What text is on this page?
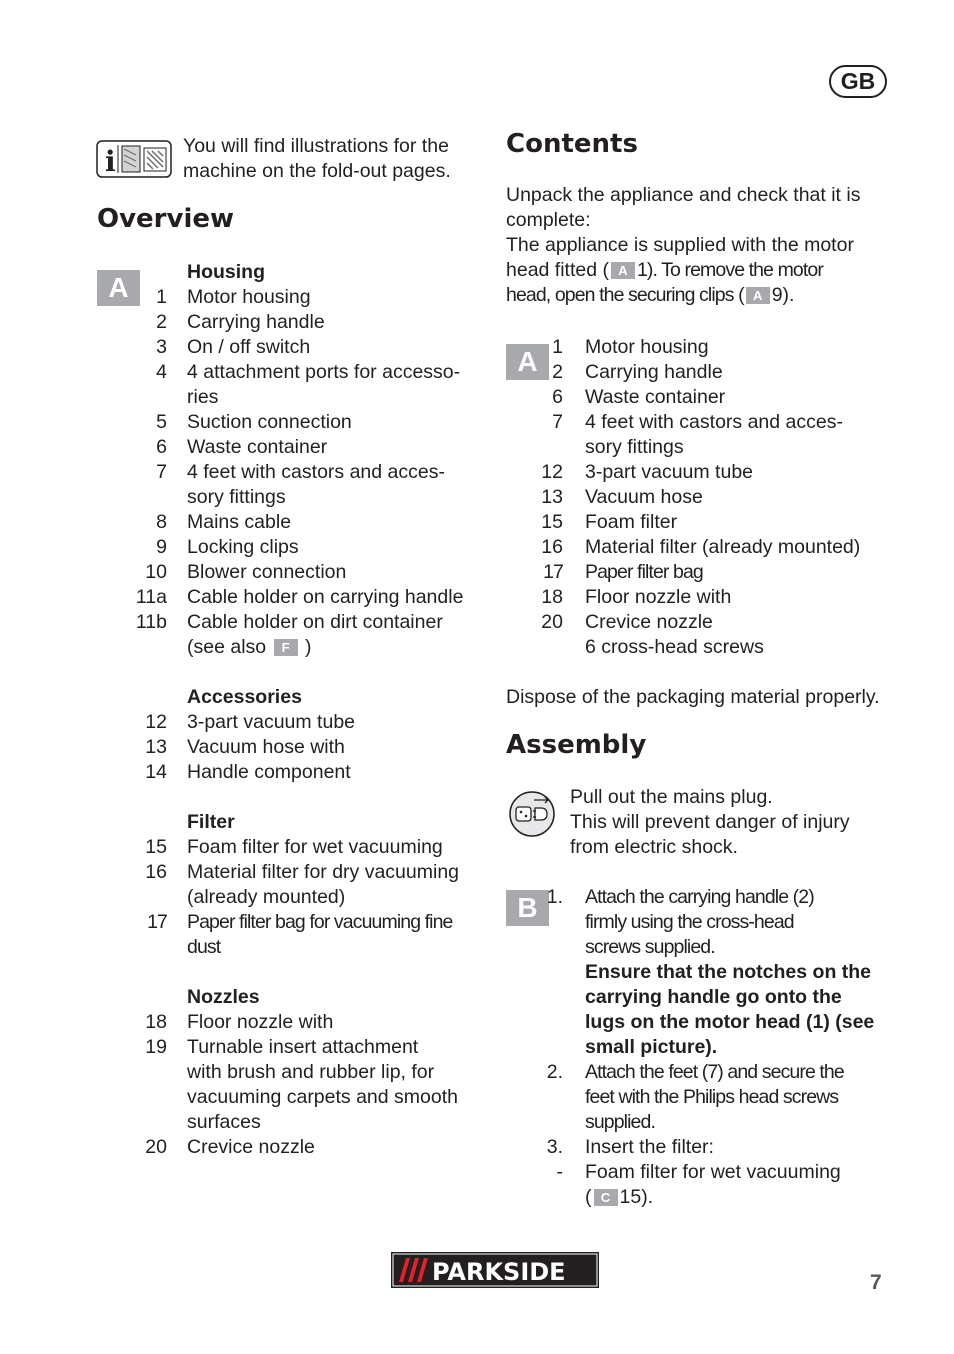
GB
i	You will find illustrations for the
machine on the fold-out pages.
Overview
A	Housing
1	Motor housing
2	Carrying handle
3	On / off switch
4	4 attachment ports for accesso-
ries
5	Suction connection
6	Waste container
7	4 feet with castors and acces-
sory fittings
8	Mains cable
9	Locking clips
10	Blower connection
11a	Cable holder on carrying handle
11b	Cable holder on dirt container
(see also F )
Accessories
12	3-part vacuum tube
13	Vacuum hose with
14	Handle component
Filter
15	Foam filter for wet vacuuming
16	Material filter for dry vacuuming
(already mounted)
17	Paper filter bag for vacuuming fine
dust
Nozzles
18	Floor nozzle with
19	Turnable insert attachment
with brush and rubber lip, for
vacuuming carpets and smooth
surfaces
20	Crevice nozzle
Contents
Unpack the appliance and check that it is
complete:
The appliance is supplied with the motor
head fitted ( A 1). To remove the motor
head, open the securing clips ( A 9).
A 1	Motor housing
2	Carrying handle
6	Waste container
7	4 feet with castors and acces-
sory fittings
12	3-part vacuum tube
13	Vacuum hose
15	Foam filter
16	Material filter (already mounted)
17	Paper filter bag
18	Floor nozzle with
20	Crevice nozzle
6 cross-head screws
Dispose of the packaging material properly.
Assembly
Pull out the mains plug.
This will prevent danger of injury
from electric shock.
B 1.	Attach the carrying handle (2)
firmly using the cross-head
screws supplied.
Ensure that the notches on the
carrying handle go onto the
lugs on the motor head (1) (see
small picture).
2.	Attach the feet (7) and secure the
feet with the Philips head screws
supplied.
3.	Insert the filter:
-	Foam filter for wet vacuuming
( C 15).
PARKSIDE	7
